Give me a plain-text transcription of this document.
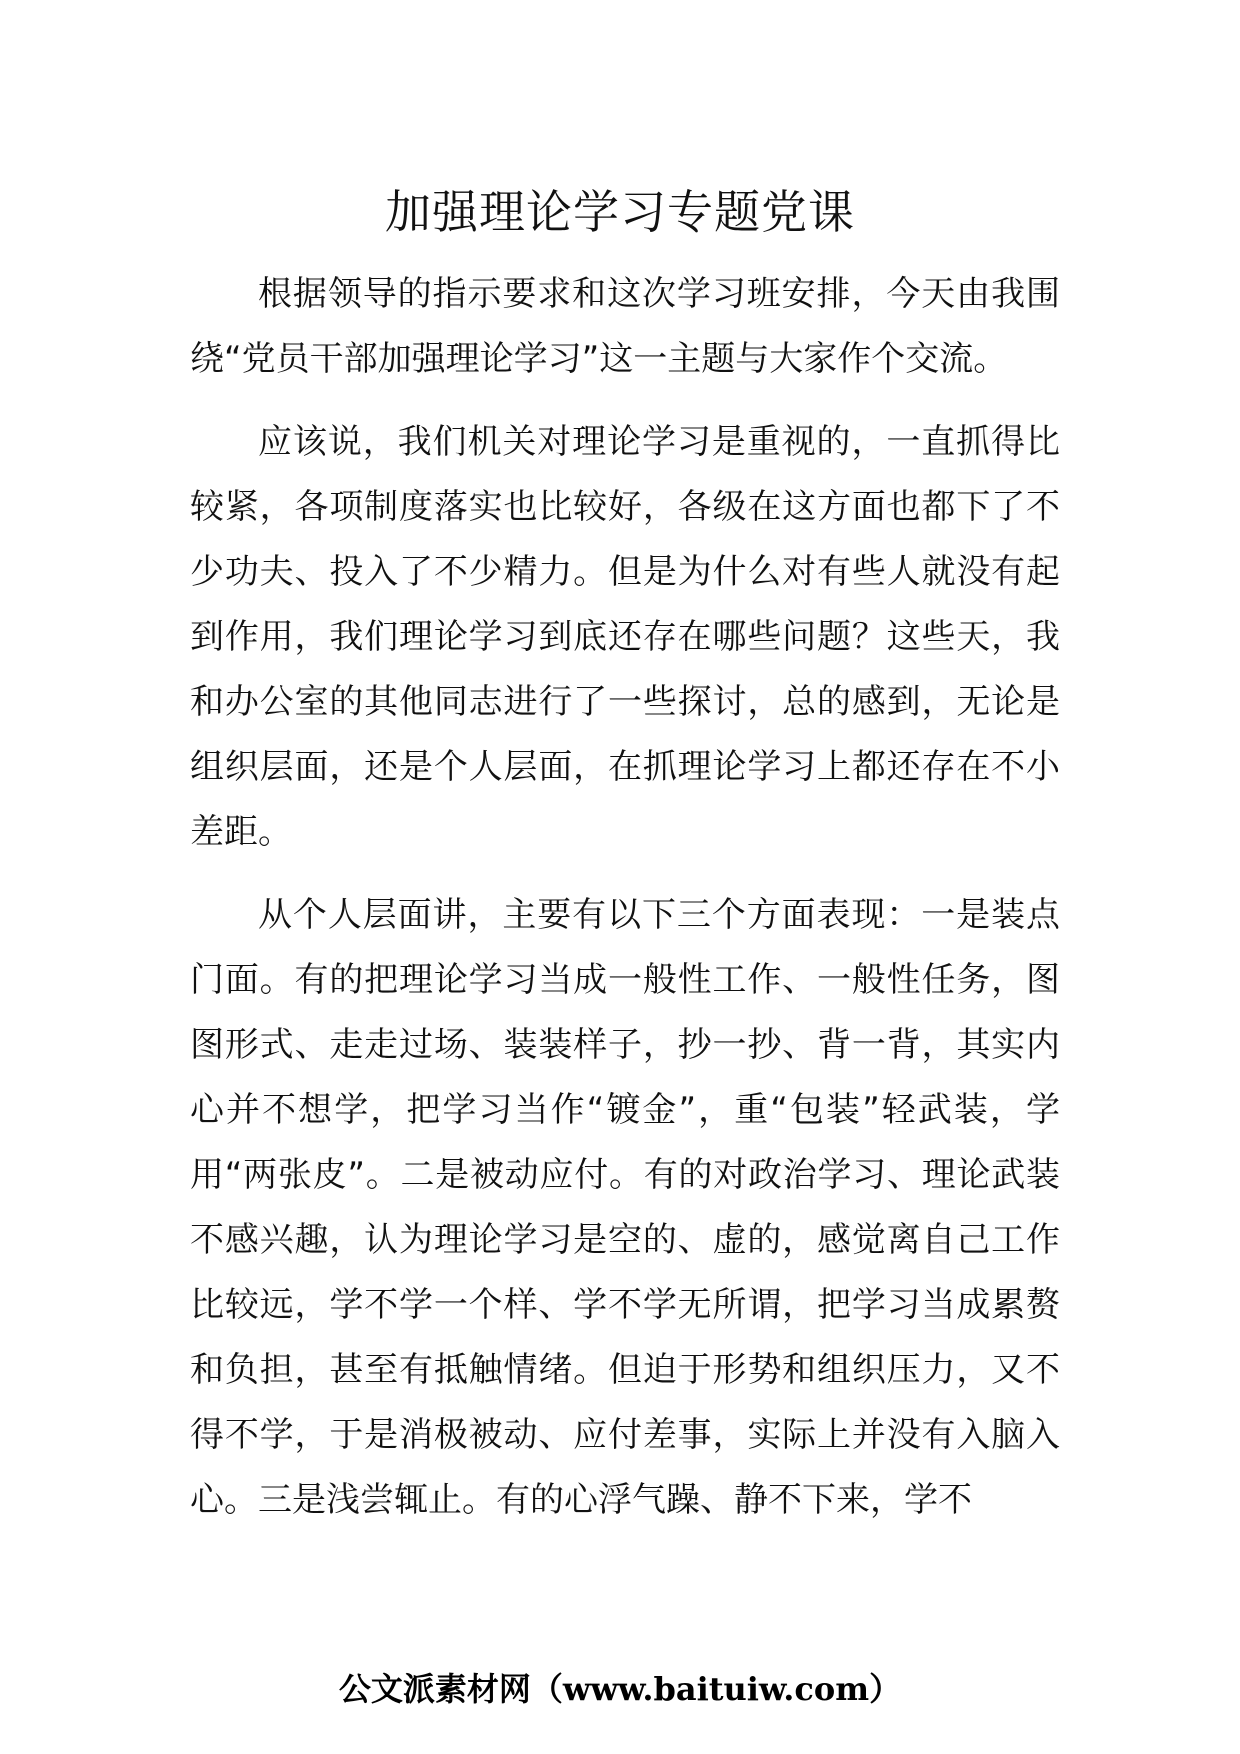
加强理论学习专题党课

根据领导的指示要求和这次学习班安排，今天由我围绕“党员干部加强理论学习”这一主题与大家作个交流。

应该说，我们机关对理论学习是重视的，一直抓得比较紧，各项制度落实也比较好，各级在这方面也都下了不少功夫、投入了不少精力。但是为什么对有些人就没有起到作用，我们理论学习到底还存在哪些问题？这些天，我和办公室的其他同志进行了一些探讨，总的感到，无论是组织层面，还是个人层面，在抓理论学习上都还存在不小差距。

从个人层面讲，主要有以下三个方面表现：一是装点门面。有的把理论学习当成一般性工作、一般性任务，图图形式、走走过场、装装样子，抄一抄、背一背，其实内心并不想学，把学习当作“镀金”，重“包装”轻武装，学用“两张皮”。二是被动应付。有的对政治学习、理论武装不感兴趣，认为理论学习是空的、虚的，感觉离自己工作比较远，学不学一个样、学不学无所谓，把学习当成累赘和负担，甚至有抵触情绪。但迫于形势和组织压力，又不得不学，于是消极被动、应付差事，实际上并没有入脑入心。三是浅尝辄止。有的心浮气躁、静不下来，学不

公文派素材网（www.baituiw.com）
